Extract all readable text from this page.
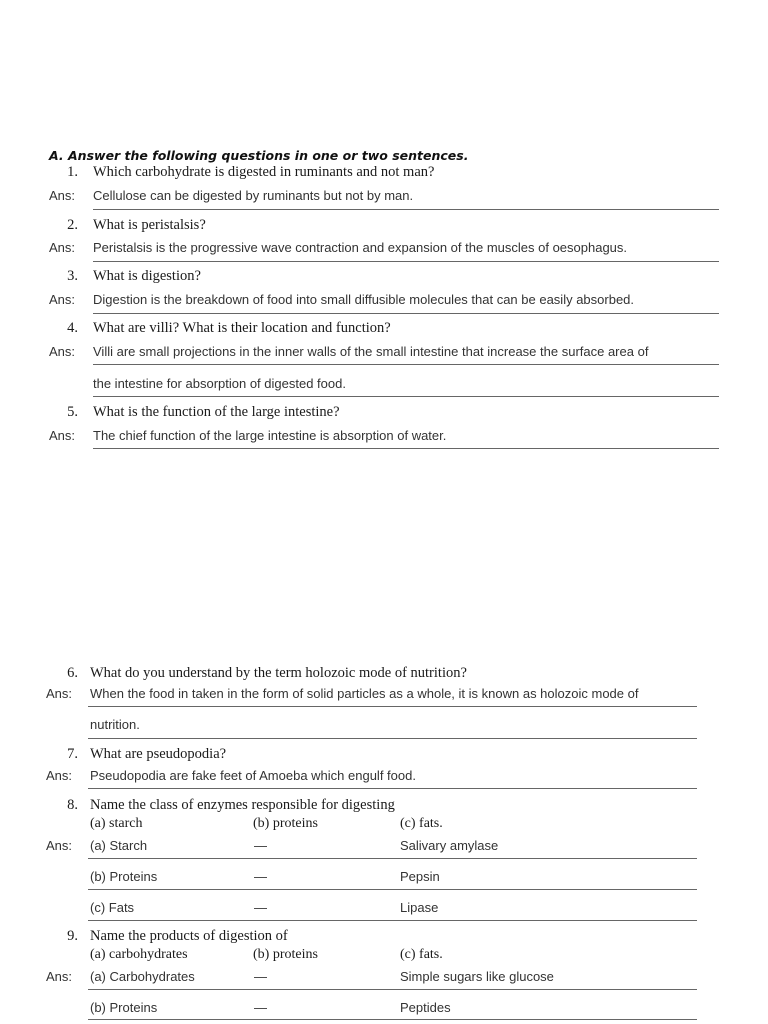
A. Answer the following questions in one or two sentences.
1. Which carbohydrate is digested in ruminants and not man?
Ans: Cellulose can be digested by ruminants but not by man.
2. What is peristalsis?
Ans: Peristalsis is the progressive wave contraction and expansion of the muscles of oesophagus.
3. What is digestion?
Ans: Digestion is the breakdown of food into small diffusible molecules that can be easily absorbed.
4. What are villi? What is their location and function?
Ans: Villi are small projections in the inner walls of the small intestine that increase the surface area of
the intestine for absorption of digested food.
5. What is the function of the large intestine?
Ans: The chief function of the large intestine is absorption of water.
6. What do you understand by the term holozoic mode of nutrition?
Ans: When the food in taken in the form of solid particles as a whole, it is known as holozoic mode of
nutrition.
7. What are pseudopodia?
Ans: Pseudopodia are fake feet of Amoeba which engulf food.
8. Name the class of enzymes responsible for digesting
(a) starch	(b) proteins	(c) fats.
Ans: (a) Starch	—	Salivary amylase
(b) Proteins	—	Pepsin
(c) Fats	—	Lipase
9. Name the products of digestion of
(a) carbohydrates	(b) proteins	(c) fats.
Ans: (a) Carbohydrates	—	Simple sugars like glucose
(b) Proteins	—	Peptides
